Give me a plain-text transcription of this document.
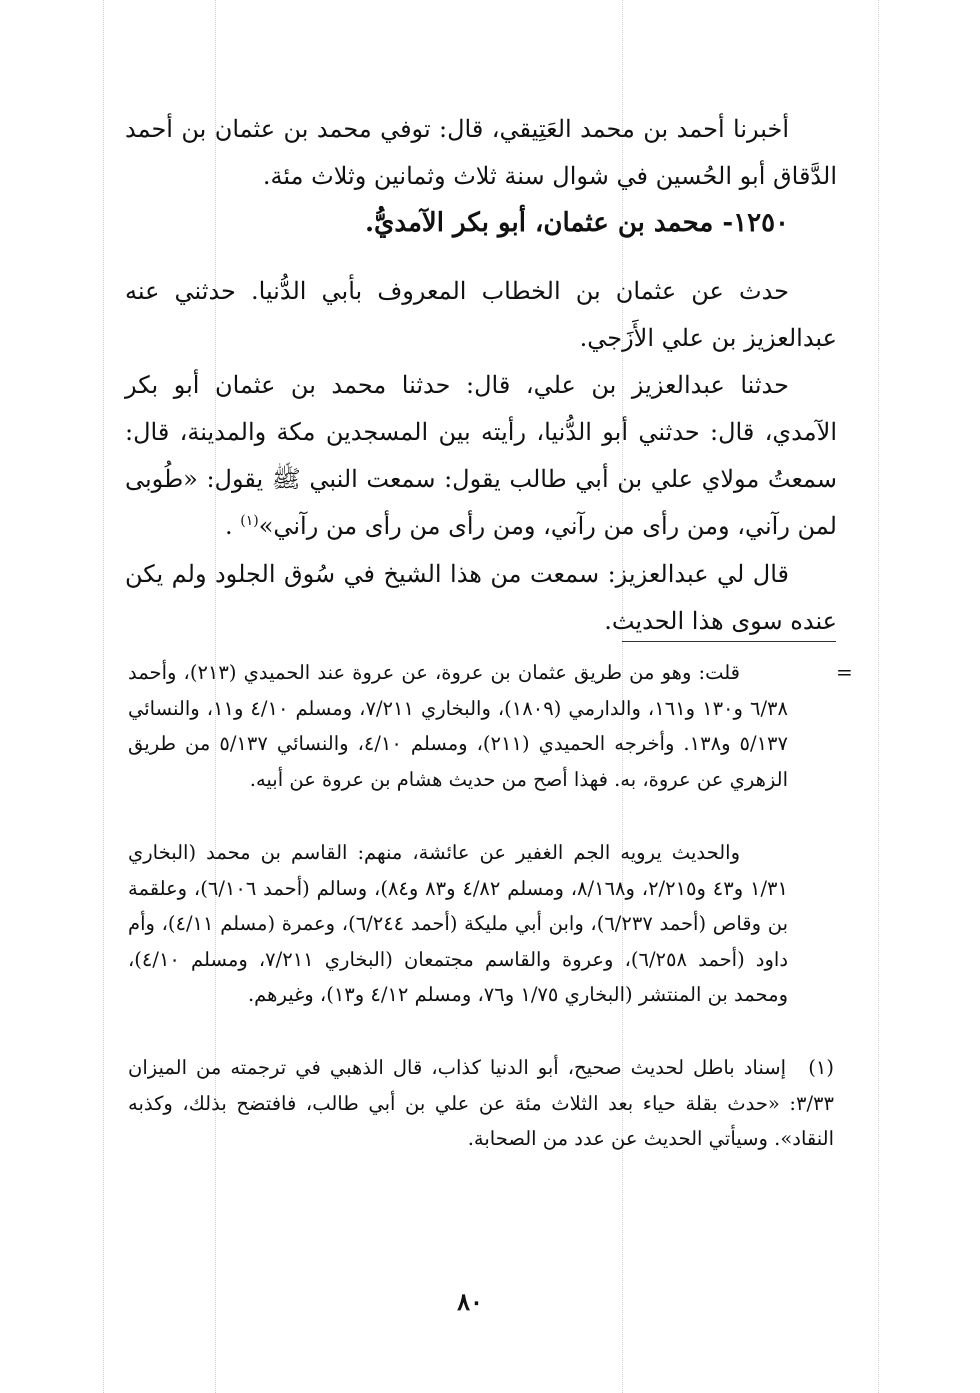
أخبرنا أحمد بن محمد العَتِيقي، قال: توفي محمد بن عثمان بن أحمد الدَّقاق أبو الحُسين في شوال سنة ثلاث وثمانين وثلاث مئة.

١٢٥٠- محمد بن عثمان، أبو بكر الآمديُّ.

حدث عن عثمان بن الخطاب المعروف بأبي الدُّنيا. حدثني عنه عبدالعزيز بن علي الأَزَجي.

حدثنا عبدالعزيز بن علي، قال: حدثنا محمد بن عثمان أبو بكر الآمدي، قال: حدثني أبو الدُّنيا، رأيته بين المسجدين مكة والمدينة، قال: سمعتُ مولاي علي بن أبي طالب يقول: سمعت النبي ﷺ يقول: «طُوبى لمن رآني، ومن رأى من رآني، ومن رأى من رأى من رآني»$^{(١)}$ .

قال لي عبدالعزيز: سمعت من هذا الشيخ في سُوق الجلود ولم يكن عنده سوى هذا الحديث.

=

قلت: وهو من طريق عثمان بن عروة، عن عروة عند الحميدي (٢١٣)، وأحمد ٦/٣٨ و١٣٠ و١٦١، والدارمي (١٨٠٩)، والبخاري ٧/٢١١، ومسلم ٤/١٠ و١١، والنسائي ٥/١٣٧ و١٣٨. وأخرجه الحميدي (٢١١)، ومسلم ٤/١٠، والنسائي ٥/١٣٧ من طريق الزهري عن عروة، به. فهذا أصح من حديث هشام بن عروة عن أبيه.

والحديث يرويه الجم الغفير عن عائشة، منهم: القاسم بن محمد (البخاري ١/٣١ و٤٣ و٢/٢١٥، و٨/١٦٨، ومسلم ٤/٨٢ و٨٣ و٨٤)، وسالم (أحمد ٦/١٠٦)، وعلقمة بن وقاص (أحمد ٦/٢٣٧)، وابن أبي مليكة (أحمد ٦/٢٤٤)، وعمرة (مسلم ٤/١١)، وأم داود (أحمد ٦/٢٥٨)، وعروة والقاسم مجتمعان (البخاري ٧/٢١١، ومسلم ٤/١٠)، ومحمد بن المنتشر (البخاري ١/٧٥ و٧٦، ومسلم ٤/١٢ و١٣)، وغيرهم.

(١)إسناد باطل لحديث صحيح، أبو الدنيا كذاب، قال الذهبي في ترجمته من الميزان ٣/٣٣: «حدث بقلة حياء بعد الثلاث مئة عن علي بن أبي طالب، فافتضح بذلك، وكذبه النقاد». وسيأتي الحديث عن عدد من الصحابة.

٨٠
